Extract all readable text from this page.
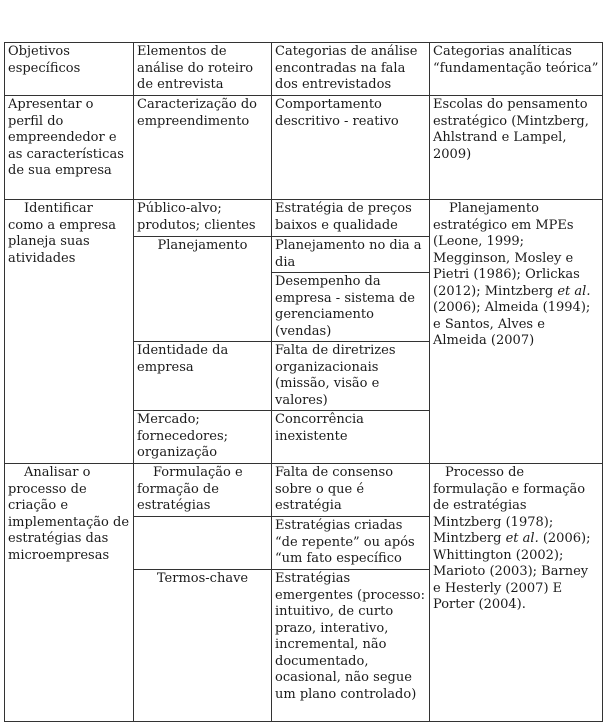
Objetivos específicos	Elementos de análise do roteiro de entrevista	Categorias de análise encontradas na fala dos entrevistados	Categorias analíticas “fundamentação teórica”
Apresentar o perfil do empreendedor e as características de sua empresa	Caracterização do empreendimento	Comportamento descritivo - reativo	Escolas do pensamento estratégico (Mintzberg, Ahlstrand e Lampel, 2009)
Identificar como a empresa planeja suas atividades	Público-alvo; produtos; clientes	Estratégia de preços baixos e qualidade	Planejamento estratégico em MPEs (Leone, 1999; Megginson, Mosley e Pietri (1986); Orlickas (2012); Mintzberg et al. (2006); Almeida (1994); e Santos, Alves e Almeida (2007)
	Planejamento	Planejamento no dia a dia	
		Desempenho da empresa - sistema de gerenciamento (vendas)	
	Identidade da empresa	Falta de diretrizes organizacionais (missão, visão e valores)	
	Mercado; fornecedores; organização	Concorrência inexistente	
Analisar o processo de criação e implementação de estratégias das microempresas	Formulação e formação de estratégias	Falta de consenso sobre o que é estratégia	Processo de formulação e formação de estratégias Mintzberg (1978); Mintzberg et al. (2006); Whittington (2002); Marioto (2003); Barney e Hesterly (2007) E Porter (2004).
		Estratégias criadas “de repente” ou após “um fato específico	
	Termos-chave	Estratégias emergentes (processo: intuitivo, de curto prazo, interativo, incremental, não documentado, ocasional, não segue um plano controlado)	
